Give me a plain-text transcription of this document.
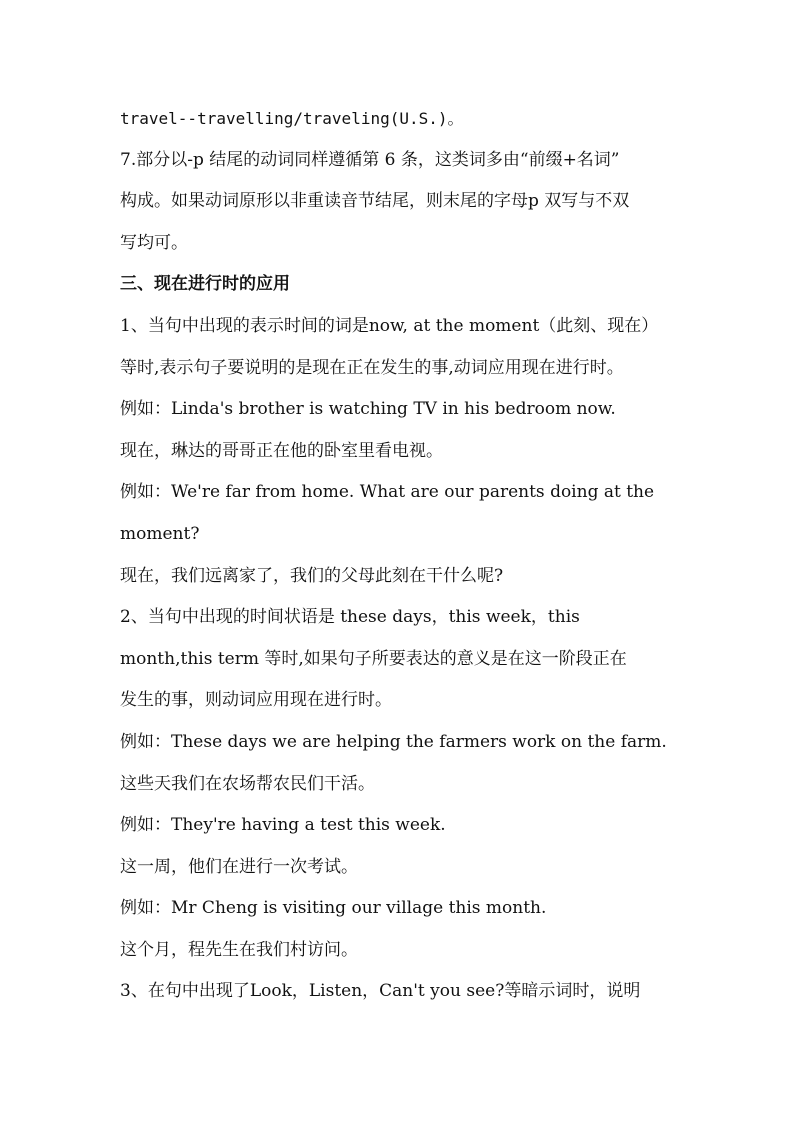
travel--travelling/traveling(U.S.)。
7.部分以-p 结尾的动词同样遵循第 6 条，这类词多由“前缀+名词”
构成。如果动词原形以非重读音节结尾，则末尾的字母p 双写与不双
写均可。
三、现在进行时的应用
1、当句中出现的表示时间的词是now, at the moment（此刻、现在）
等时,表示句子要说明的是现在正在发生的事,动词应用现在进行时。
例如：Linda's brother is watching TV in his bedroom now.
现在，琳达的哥哥正在他的卧室里看电视。
例如：We're far from home. What are our parents doing at the
moment?
现在，我们远离家了，我们的父母此刻在干什么呢?
2、当句中出现的时间状语是 these days，this week，this
month,this term 等时,如果句子所要表达的意义是在这一阶段正在
发生的事，则动词应用现在进行时。
例如：These days we are helping the farmers work on the farm.
这些天我们在农场帮农民们干活。
例如：They're having a test this week.
这一周，他们在进行一次考试。
例如：Mr Cheng is visiting our village this month.
这个月，程先生在我们村访问。
3、在句中出现了Look，Listen，Can't you see?等暗示词时，说明
